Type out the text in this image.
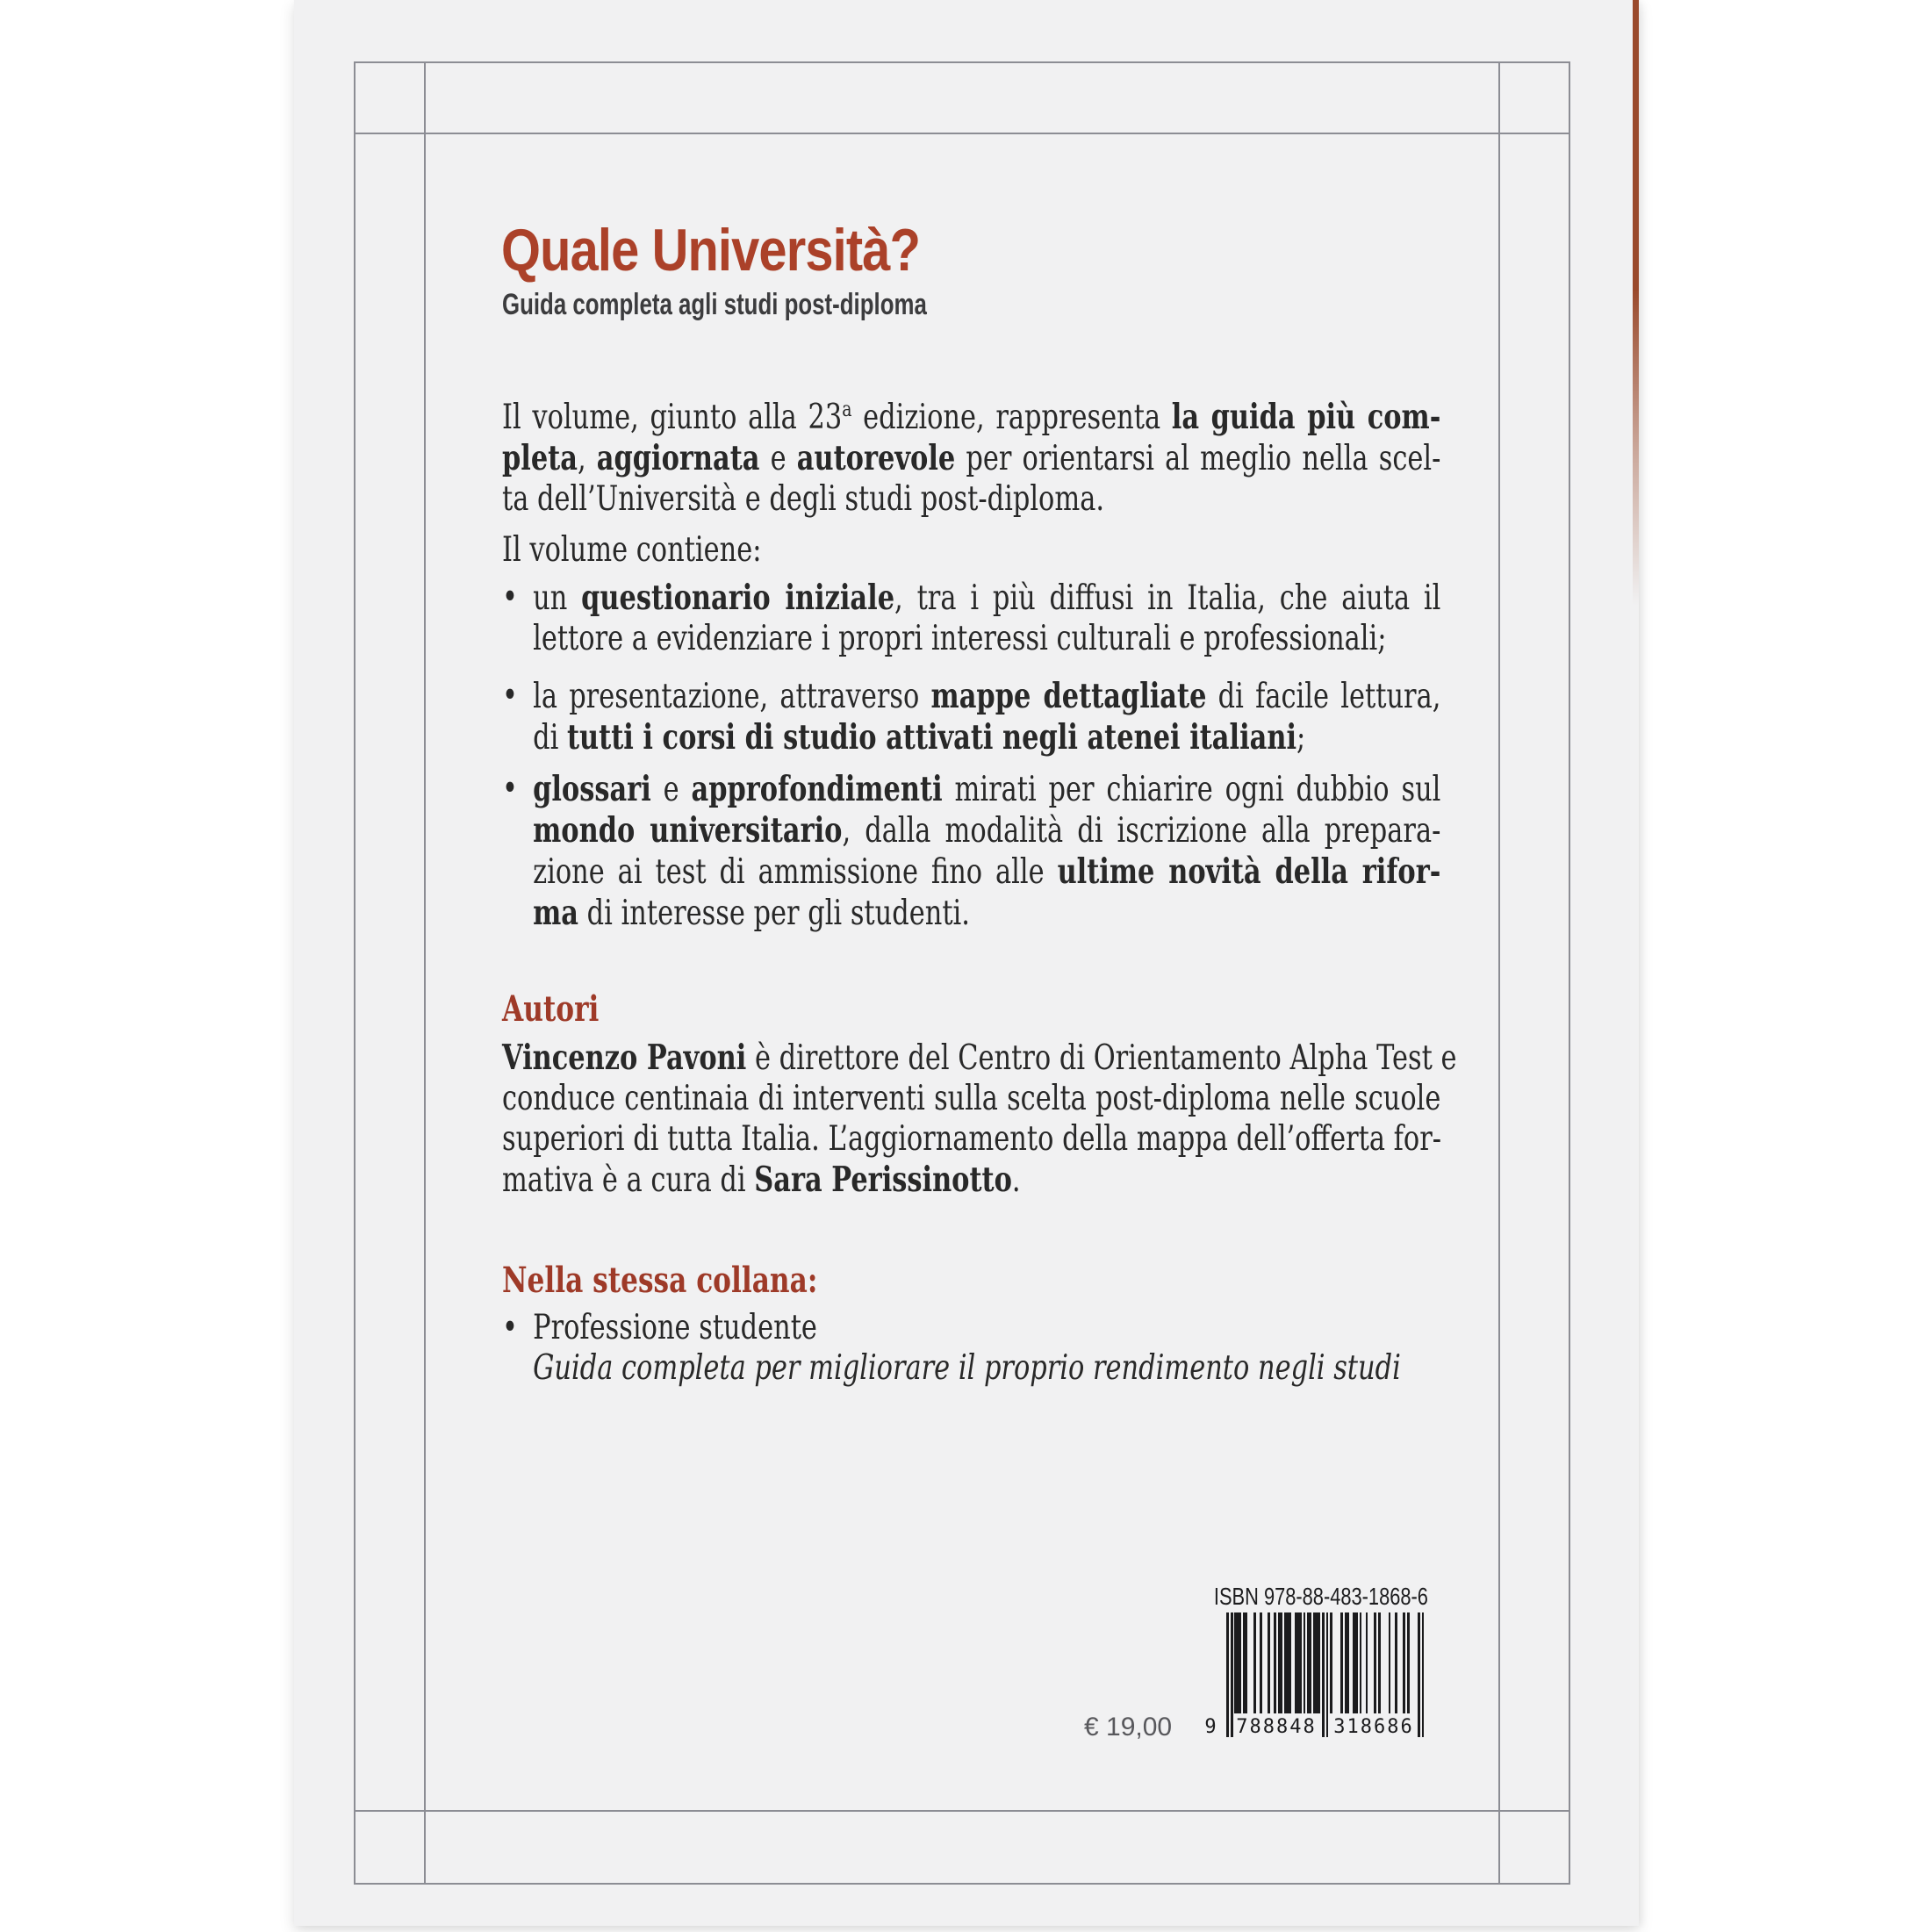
Quale Università?
Guida completa agli studi post-diploma
Il volume, giunto alla 23$^a$ edizione, rappresenta la guida più com-
pleta, aggiornata e autorevole per orientarsi al meglio nella scel-
ta dell’Università e degli studi post-diploma.
Il volume contiene:
• un questionario iniziale, tra i più diffusi in Italia, che aiuta il
lettore a evidenziare i propri interessi culturali e professionali;
• la presentazione, attraverso mappe dettagliate di facile lettura,
di tutti i corsi di studio attivati negli atenei italiani;
• glossari e approfondimenti mirati per chiarire ogni dubbio sul
mondo universitario, dalla modalità di iscrizione alla prepara-
zione ai test di ammissione fino alle ultime novità della rifor-
ma di interesse per gli studenti.
Autori
Vincenzo Pavoni è direttore del Centro di Orientamento Alpha Test e
conduce centinaia di interventi sulla scelta post-diploma nelle scuole
superiori di tutta Italia. L’aggiornamento della mappa dell’offerta for-
mativa è a cura di Sara Perissinotto.
Nella stessa collana:
• Professione studente
Guida completa per migliorare il proprio rendimento negli studi
ISBN 978-88-483-1868-6
9 788848 318686
€ 19,00
